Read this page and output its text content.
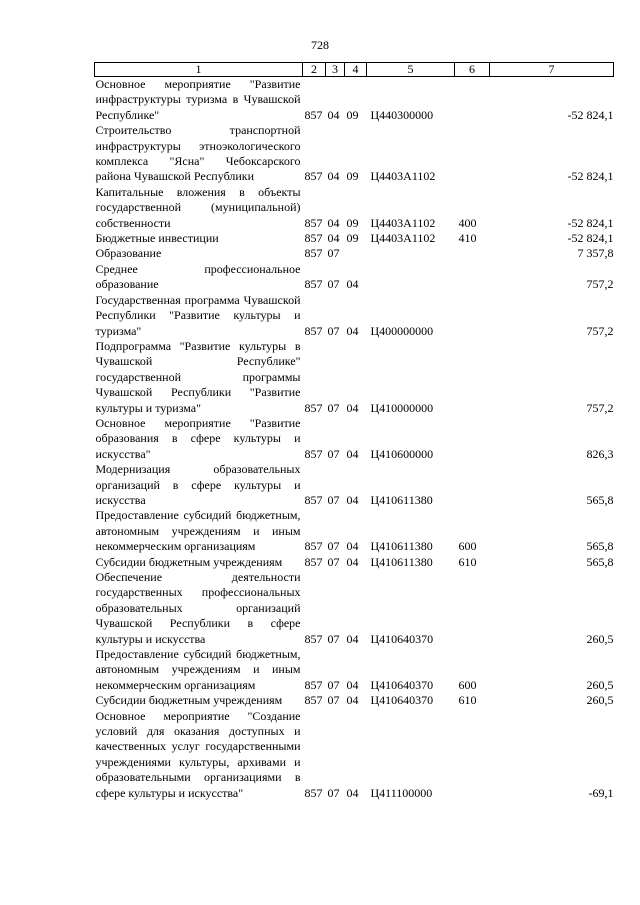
728
1	2	3	4	5	6	7
Основное мероприятие "Развитие инфраструктуры туризма в Чувашской Республике"	857	04	09	Ц440300000		-52 824,1
Строительство транспортной инфраструктуры этноэкологического комплекса "Ясна" Чебоксарского района Чувашской Республики	857	04	09	Ц4403А1102		-52 824,1
Капитальные вложения в объекты государственной (муниципальной) собственности	857	04	09	Ц4403А1102	400	-52 824,1
Бюджетные инвестиции	857	04	09	Ц4403А1102	410	-52 824,1
Образование	857	07				7 357,8
Среднее профессиональное образование	857	07	04			757,2
Государственная программа Чувашской Республики "Развитие культуры и туризма"	857	07	04	Ц400000000		757,2
Подпрограмма "Развитие культуры в Чувашской Республике" государственной программы Чувашской Республики "Развитие культуры и туризма"	857	07	04	Ц410000000		757,2
Основное мероприятие "Развитие образования в сфере культуры и искусства"	857	07	04	Ц410600000		826,3
Модернизация образовательных организаций в сфере культуры и искусства	857	07	04	Ц410611380		565,8
Предоставление субсидий бюджетным, автономным учреждениям и иным некоммерческим организациям	857	07	04	Ц410611380	600	565,8
Субсидии бюджетным учреждениям	857	07	04	Ц410611380	610	565,8
Обеспечение деятельности государственных профессиональных образовательных организаций Чувашской Республики в сфере культуры и искусства	857	07	04	Ц410640370		260,5
Предоставление субсидий бюджетным, автономным учреждениям и иным некоммерческим организациям	857	07	04	Ц410640370	600	260,5
Субсидии бюджетным учреждениям	857	07	04	Ц410640370	610	260,5
Основное мероприятие "Создание условий для оказания доступных и качественных услуг государственными учреждениями культуры, архивами и образовательными организациями в сфере культуры и искусства"	857	07	04	Ц411100000		-69,1
